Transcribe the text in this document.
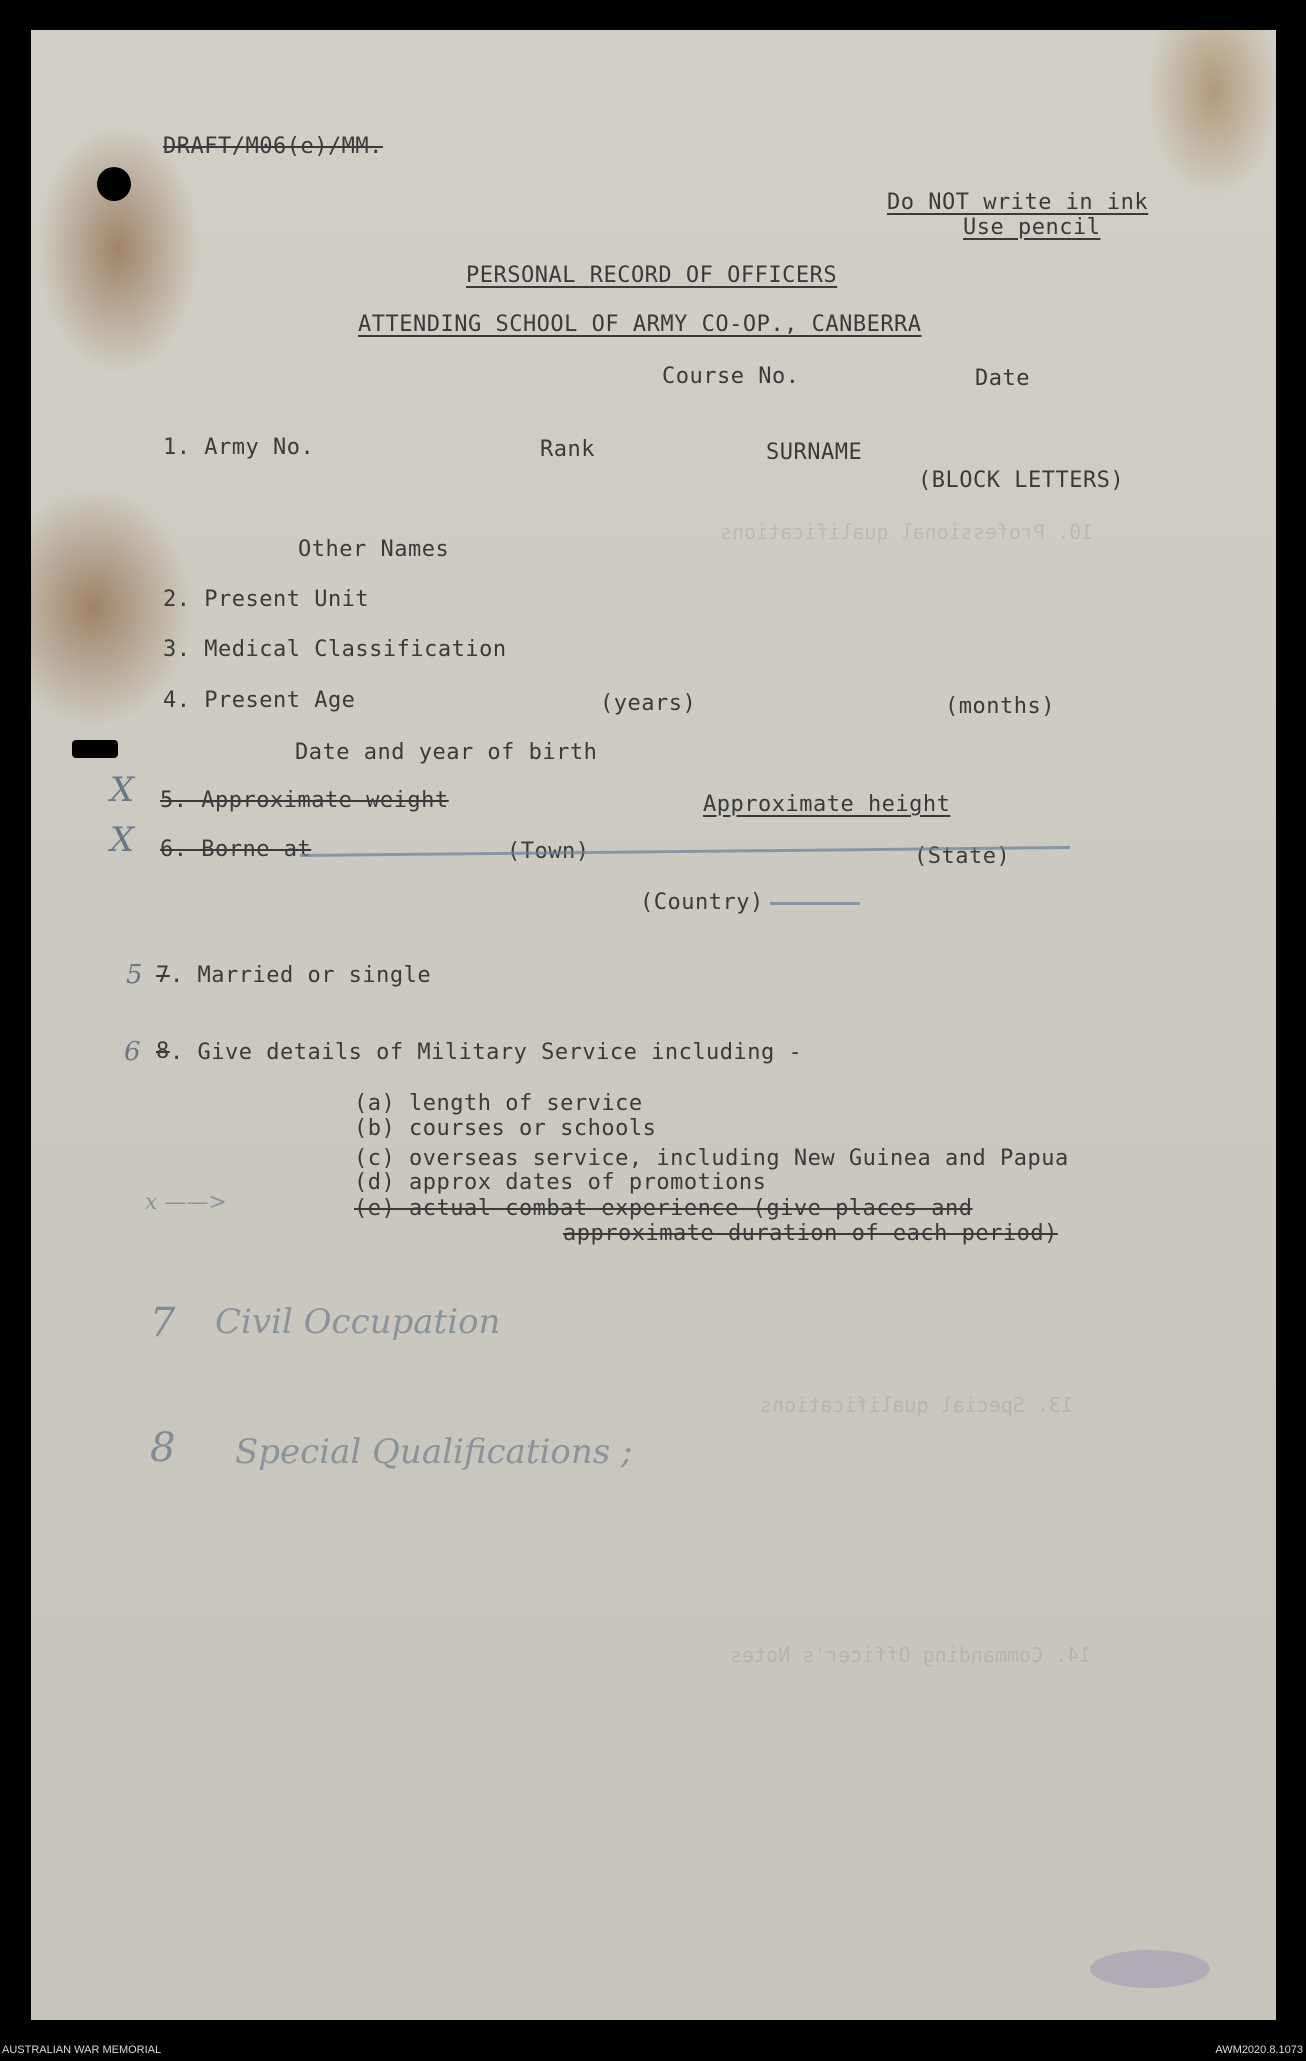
10. Professional qualifications
13. Special qualifications
14. Commanding Officer's Notes
DRAFT/M06(e)/MM.
Do NOT write in ink
Use pencil
PERSONAL RECORD OF OFFICERS
ATTENDING SCHOOL OF ARMY CO-OP., CANBERRA
Course No.	Date
1. Army No.	Rank	SURNAME
(BLOCK LETTERS)
Other Names
2. Present Unit
3. Medical Classification
4. Present Age	(years)	(months)
Date and year of birth
5. Approximate weight	Approximate height
6. Borne at	(State)
(Country)
X
X
5 7 . Married or single
6 8 . Give details of Military Service including -
(a) length of service
(b) courses or schools
(c) overseas service, including New Guinea and Papua
(d) approx dates of promotions
(e) actual combat experience (give places and
approximate duration of each period)
x ——>
7 Civil Occupation
8 Special Qualifications ;
AUSTRALIAN WAR MEMORIAL	AWM2020.8.1073
